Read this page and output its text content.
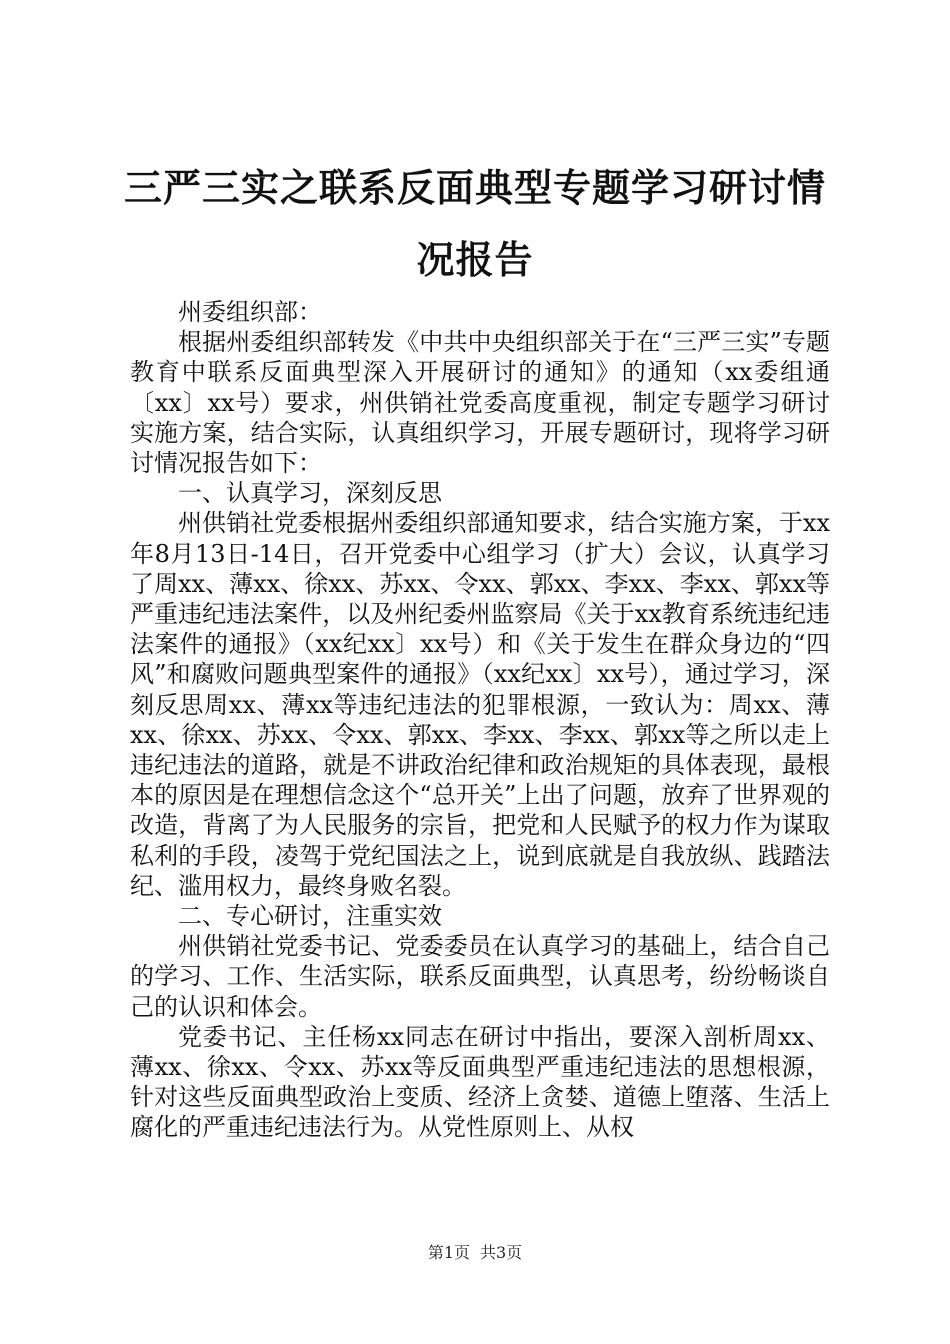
三严三实之联系反面典型专题学习研讨情况报告

州委组织部：

根据州委组织部转发《中共中央组织部关于在“三严三实”专题教育中联系反面典型深入开展研讨的通知》的通知（xx委组通〔xx〕xx号）要求，州供销社党委高度重视，制定专题学习研讨实施方案，结合实际，认真组织学习，开展专题研讨，现将学习研讨情况报告如下：

一、认真学习，深刻反思

州供销社党委根据州委组织部通知要求，结合实施方案，于xx年8月13日-14日，召开党委中心组学习（扩大）会议，认真学习了周xx、薄xx、徐xx、苏xx、令xx、郭xx、李xx、李xx、郭xx等严重违纪违法案件，以及州纪委州监察局《关于xx教育系统违纪违法案件的通报》（xx纪xx〕xx号）和《关于发生在群众身边的“四风”和腐败问题典型案件的通报》（xx纪xx〕xx号），通过学习，深刻反思周xx、薄xx等违纪违法的犯罪根源，一致认为：周xx、薄xx、徐xx、苏xx、令xx、郭xx、李xx、李xx、郭xx等之所以走上违纪违法的道路，就是不讲政治纪律和政治规矩的具体表现，最根本的原因是在理想信念这个“总开关”上出了问题，放弃了世界观的改造，背离了为人民服务的宗旨，把党和人民赋予的权力作为谋取私利的手段，凌驾于党纪国法之上，说到底就是自我放纵、践踏法纪、滥用权力，最终身败名裂。

二、专心研讨，注重实效

州供销社党委书记、党委委员在认真学习的基础上，结合自己的学习、工作、生活实际，联系反面典型，认真思考，纷纷畅谈自己的认识和体会。

党委书记、主任杨xx同志在研讨中指出，要深入剖析周xx、薄xx、徐xx、令xx、苏xx等反面典型严重违纪违法的思想根源，针对这些反面典型政治上变质、经济上贪婪、道德上堕落、生活上腐化的严重违纪违法行为。从党性原则上、从权

第1页 共3页
